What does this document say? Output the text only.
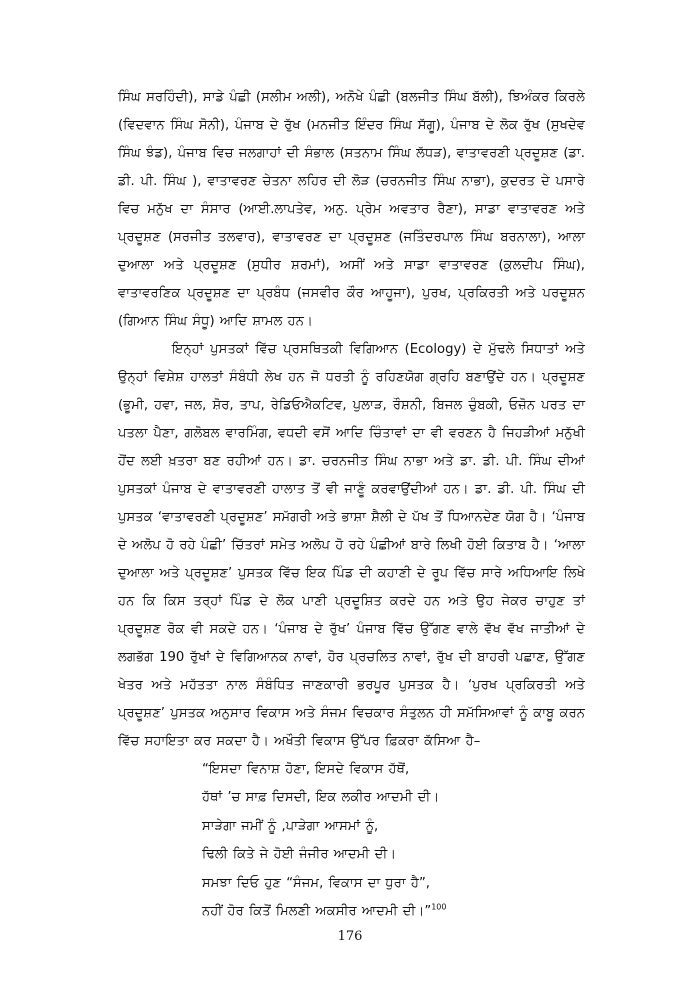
ਸਿੰਘ ਸਰਹਿੰਦੀ), ਸਾਡੇ ਪੰਛੀ (ਸਲੀਮ ਅਲੀ), ਅਨੋਖੇ ਪੰਛੀ (ਬਲਜੀਤ ਸਿੰਘ ਬੱਲੀ), ਝਿਅੰਕਰ ਕਿਰਲੇ (ਵਿਦਵਾਨ ਸਿੰਘ ਸੋਨੀ), ਪੰਜਾਬ ਦੇ ਰੁੱਖ (ਮਨਜੀਤ ਇੰਦਰ ਸਿੰਘ ਸੱਗੂ), ਪੰਜਾਬ ਦੇ ਲੋਕ ਰੁੱਖ (ਸੁਖਦੇਵ ਸਿੰਘ ਝੰਡ), ਪੰਜਾਬ ਵਿਚ ਜਲਗਾਹਾਂ ਦੀ ਸੰਭਾਲ (ਸਤਨਾਮ ਸਿੰਘ ਲੱਧੜ), ਵਾਤਾਵਰਣੀ ਪ੍ਰਦੂਸ਼ਣ (ਡਾ. ਡੀ. ਪੀ. ਸਿੰਘ ), ਵਾਤਾਵਰਣ ਚੇਤਨਾ ਲਹਿਰ ਦੀ ਲੋੜ (ਚਰਨਜੀਤ ਸਿੰਘ ਨਾਭਾ), ਕੁਦਰਤ ਦੇ ਪਸਾਰੇ ਵਿਚ ਮਨੁੱਖ ਦਾ ਸੰਸਾਰ (ਆਈ.ਲਾਪਤੇਵ, ਅਨੁ. ਪ੍ਰੇਮ ਅਵਤਾਰ ਰੈਣਾ), ਸਾਡਾ ਵਾਤਾਵਰਣ ਅਤੇ ਪ੍ਰਦੂਸ਼ਣ (ਸਰਜੀਤ ਤਲਵਾਰ), ਵਾਤਾਵਰਣ ਦਾ ਪ੍ਰਦੂਸ਼ਣ (ਜਤਿੰਦਰਪਾਲ ਸਿੰਘ ਬਰਨਾਲਾ), ਆਲਾ ਦੁਆਲਾ ਅਤੇ ਪ੍ਰਦੂਸ਼ਣ (ਸੁਧੀਰ ਸ਼ਰਮਾਂ), ਅਸੀਂ ਅਤੇ ਸਾਡਾ ਵਾਤਾਵਰਣ (ਕੁਲਦੀਪ ਸਿੰਘ), ਵਾਤਾਵਰਣਿਕ ਪ੍ਰਦੂਸ਼ਣ ਦਾ ਪ੍ਰਬੰਧ (ਜਸਵੀਰ ਕੌਰ ਆਹੂਜਾ), ਪੁਰਖ, ਪ੍ਰਕਿਰਤੀ ਅਤੇ ਪਰਦੂਸ਼ਨ (ਗਿਆਨ ਸਿੰਘ ਸੰਧੂ) ਆਦਿ ਸ਼ਾਮਲ ਹਨ।

ਇਨ੍ਹਾਂ ਪੁਸਤਕਾਂ ਵਿੱਚ ਪ੍ਰਸਥਿਤਕੀ ਵਿਗਿਆਨ (Ecology) ਦੇ ਮੁੱਢਲੇ ਸਿਧਾਤਾਂ ਅਤੇ ਉਨ੍ਹਾਂ ਵਿਸ਼ੇਸ਼ ਹਾਲਤਾਂ ਸੰਬੰਧੀ ਲੇਖ ਹਨ ਜੋ ਧਰਤੀ ਨੂੰ ਰਹਿਣਯੋਗ ਗ੍ਰਹਿ ਬਣਾਉਂਦੇ ਹਨ। ਪ੍ਰਦੂਸ਼ਣ (ਭੂਮੀ, ਹਵਾ, ਜਲ, ਸ਼ੋਰ, ਤਾਪ, ਰੇਡਿਓਐਕਟਿਵ, ਪੁਲਾੜ, ਰੌਸ਼ਨੀ, ਬਿਜਲ ਚੁੰਬਕੀ, ਓਜ਼ੋਨ ਪਰਤ ਦਾ ਪਤਲਾ ਪੈਣਾ, ਗਲੋਬਲ ਵਾਰਮਿੰਗ, ਵਧਦੀ ਵਸੋਂ ਆਦਿ ਚਿੰਤਾਵਾਂ ਦਾ ਵੀ ਵਰਣਨ ਹੈ ਜਿਹੜੀਆਂ ਮਨੁੱਖੀ ਹੋਂਦ ਲਈ ਖ਼ਤਰਾ ਬਣ ਰਹੀਆਂ ਹਨ। ਡਾ. ਚਰਨਜੀਤ ਸਿੰਘ ਨਾਭਾ ਅਤੇ ਡਾ. ਡੀ. ਪੀ. ਸਿੰਘ ਦੀਆਂ ਪੁਸਤਕਾਂ ਪੰਜਾਬ ਦੇ ਵਾਤਾਵਰਣੀ ਹਾਲਾਤ ਤੋਂ ਵੀ ਜਾਣੂੰ ਕਰਵਾਉਂਦੀਆਂ ਹਨ। ਡਾ. ਡੀ. ਪੀ. ਸਿੰਘ ਦੀ ਪੁਸਤਕ ‘ਵਾਤਾਵਰਣੀ ਪ੍ਰਦੂਸ਼ਣ’ ਸਮੱਗਰੀ ਅਤੇ ਭਾਸ਼ਾ ਸ਼ੈਲੀ ਦੇ ਪੱਖ ਤੋਂ ਧਿਆਨਦੇਣ ਯੋਗ ਹੈ। ‘ਪੰਜਾਬ ਦੇ ਅਲੋਪ ਹੋ ਰਹੇ ਪੰਛੀ’ ਚਿੱਤਰਾਂ ਸਮੇਤ ਅਲੋਪ ਹੋ ਰਹੇ ਪੰਛੀਆਂ ਬਾਰੇ ਲਿਖੀ ਹੋਈ ਕਿਤਾਬ ਹੈ। ‘ਆਲਾ ਦੁਆਲਾ ਅਤੇ ਪ੍ਰਦੂਸ਼ਣ’ ਪੁਸਤਕ ਵਿੱਚ ਇਕ ਪਿੰਡ ਦੀ ਕਹਾਣੀ ਦੇ ਰੂਪ ਵਿੱਚ ਸਾਰੇ ਅਧਿਆਇ ਲਿਖੇ ਹਨ ਕਿ ਕਿਸ ਤਰ੍ਹਾਂ ਪਿੰਡ ਦੇ ਲੋਕ ਪਾਣੀ ਪ੍ਰਦੂਸ਼ਿਤ ਕਰਦੇ ਹਨ ਅਤੇ ਉਹ ਜੇਕਰ ਚਾਹੁਣ ਤਾਂ ਪ੍ਰਦੂਸ਼ਣ ਰੋਕ ਵੀ ਸਕਦੇ ਹਨ। ‘ਪੰਜਾਬ ਦੇ ਰੁੱਖ’ ਪੰਜਾਬ ਵਿੱਚ ਉੱਗਣ ਵਾਲੇ ਵੱਖ ਵੱਖ ਜਾਤੀਆਂ ਦੇ ਲਗਭੱਗ 190 ਰੁੱਖਾਂ ਦੇ ਵਿਗਿਆਨਕ ਨਾਵਾਂ, ਹੋਰ ਪ੍ਰਚਲਿਤ ਨਾਵਾਂ, ਰੁੱਖ ਦੀ ਬਾਹਰੀ ਪਛਾਣ, ਉੱਗਣ ਖੇਤਰ ਅਤੇ ਮਹੱਤਤਾ ਨਾਲ ਸੰਬੰਧਿਤ ਜਾਣਕਾਰੀ ਭਰਪੂਰ ਪੁਸਤਕ ਹੈ। ‘ਪੁਰਖ ਪ੍ਰਕਿਰਤੀ ਅਤੇ ਪ੍ਰਦੂਸ਼ਣ’ ਪੁਸਤਕ ਅਨੁਸਾਰ ਵਿਕਾਸ ਅਤੇ ਸੰਜਮ ਵਿਚਕਾਰ ਸੰਤੁਲਨ ਹੀ ਸਮੱਸਿਆਵਾਂ ਨੂੰ ਕਾਬੂ ਕਰਨ ਵਿੱਚ ਸਹਾਇਤਾ ਕਰ ਸਕਦਾ ਹੈ। ਅਖੌਤੀ ਵਿਕਾਸ ਉੱਪਰ ਫ਼ਿਕਰਾ ਕੱਸਿਆ ਹੈ–

“ਇਸਦਾ ਵਿਨਾਸ਼ ਹੋਣਾ, ਇਸਦੇ ਵਿਕਾਸ ਹੱਥੋਂ,
ਹੱਥਾਂ ’ਚ ਸਾਫ਼ ਦਿਸਦੀ, ਇਕ ਲਕੀਰ ਆਦਮੀ ਦੀ।
ਸਾੜੇਗਾ ਜਮੀਂ ਨੂੰ ,ਪਾੜੇਗਾ ਆਸਮਾਂ ਨੂੰ,
ਢਿਲੀ ਕਿਤੇ ਜੇ ਹੋਈ ਜੰਜੀਰ ਆਦਮੀ ਦੀ।
ਸਮਝਾ ਦਿਓ ਹੁਣ “ਸੰਜਮ, ਵਿਕਾਸ ਦਾ ਧੁਰਾ ਹੈ”,
ਨਹੀਂ ਹੋਰ ਕਿਤੋਂ ਮਿਲਣੀ ਅਕਸੀਰ ਆਦਮੀ ਦੀ।”$^{100}$
176
